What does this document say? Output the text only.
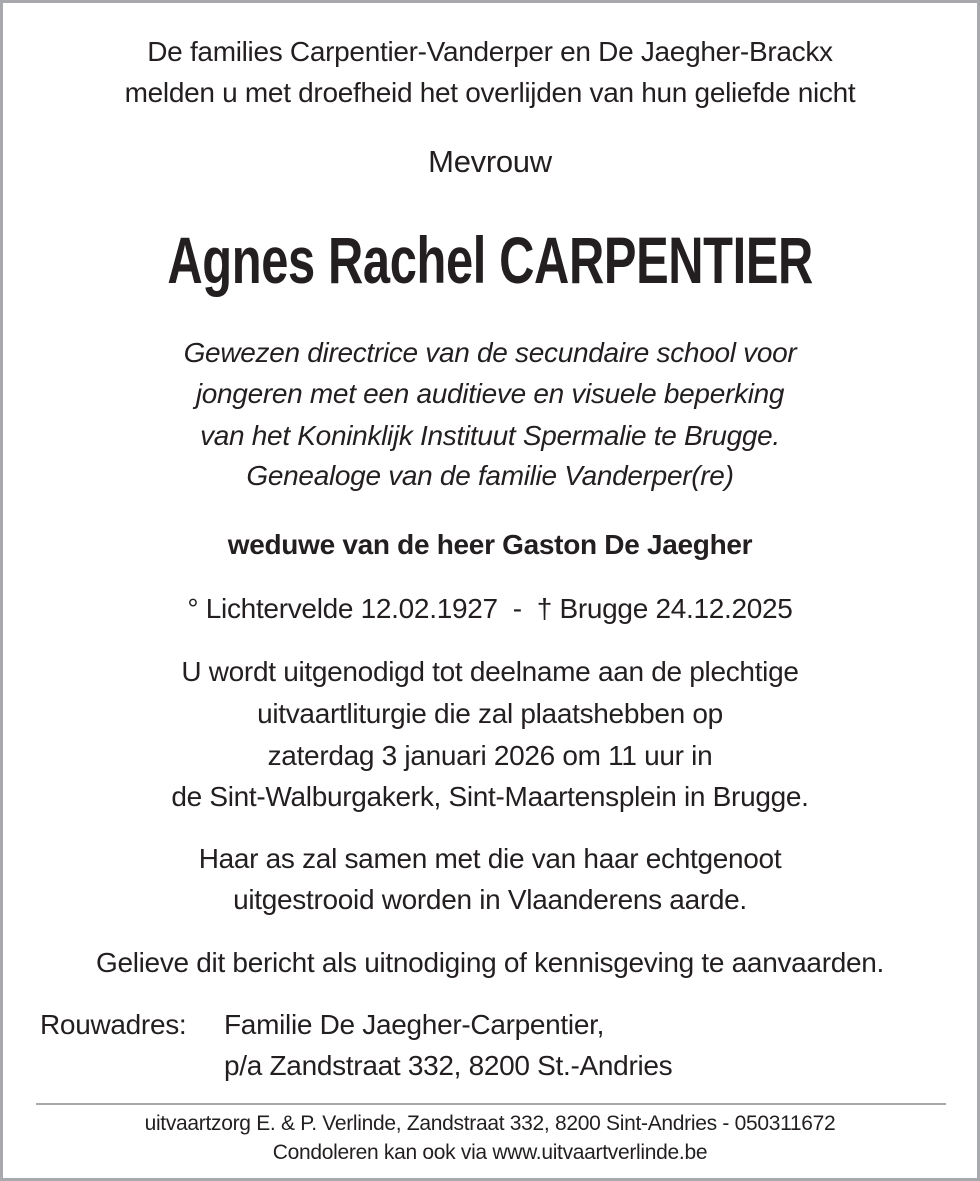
De families Carpentier-Vanderper en De Jaegher-Brackx
melden u met droefheid het overlijden van hun geliefde nicht
Mevrouw
Agnes Rachel CARPENTIER
Gewezen directrice van de secundaire school voor
jongeren met een auditieve en visuele beperking
van het Koninklijk Instituut Spermalie te Brugge.
Genealoge van de familie Vanderper(re)
weduwe van de heer Gaston De Jaegher
° Lichtervelde 12.02.1927  -  † Brugge 24.12.2025
U wordt uitgenodigd tot deelname aan de plechtige
uitvaartliturgie die zal plaatshebben op
zaterdag 3 januari 2026 om 11 uur in
de Sint-Walburgakerk, Sint-Maartensplein in Brugge.
Haar as zal samen met die van haar echtgenoot
uitgestrooid worden in Vlaanderens aarde.
Gelieve dit bericht als uitnodiging of kennisgeving te aanvaarden.
Rouwadres: Familie De Jaegher-Carpentier,
p/a Zandstraat 332, 8200 St.-Andries
uitvaartzorg E. & P. Verlinde, Zandstraat 332, 8200 Sint-Andries - 050311672
Condoleren kan ook via www.uitvaartverlinde.be
